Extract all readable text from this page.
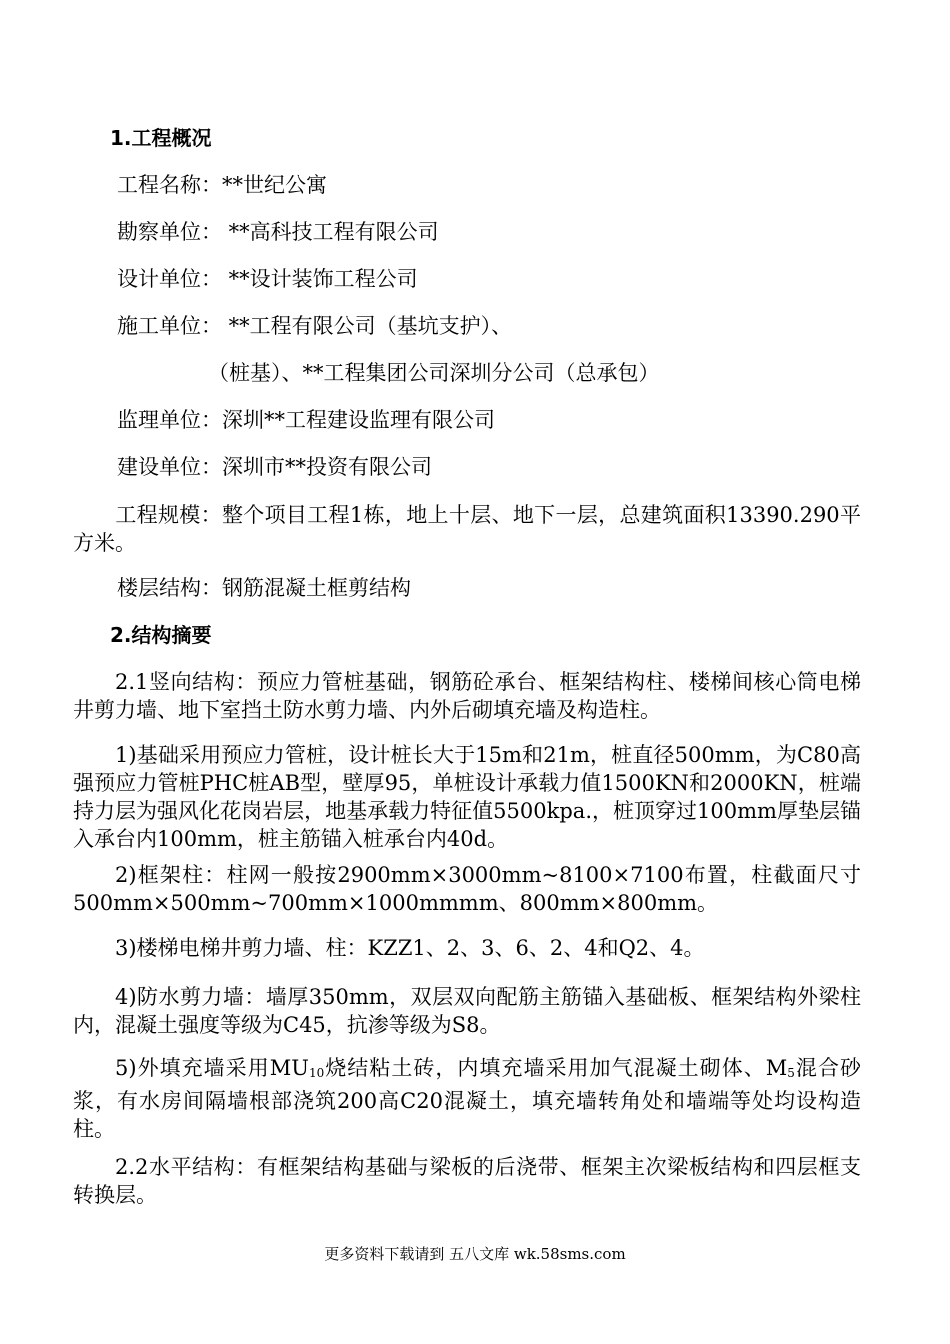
1.工程概况
工程名称：**世纪公寓
勘察单位： **高科技工程有限公司
设计单位： **设计装饰工程公司
施工单位： **工程有限公司（基坑支护）、
（桩基）、**工程集团公司深圳分公司（总承包）
监理单位：深圳**工程建设监理有限公司
建设单位：深圳市**投资有限公司
工程规模：整个项目工程1栋，地上十层、地下一层，总建筑面积13390.290平方米。
楼层结构：钢筋混凝土框剪结构
2.结构摘要
2.1竖向结构：预应力管桩基础，钢筋砼承台、框架结构柱、楼梯间核心筒电梯井剪力墙、地下室挡土防水剪力墙、内外后砌填充墙及构造柱。
1)基础采用预应力管桩，设计桩长大于15m和21m，桩直径500mm，为C80高强预应力管桩PHC桩AB型，壁厚95，单桩设计承载力值1500KN和2000KN，桩端持力层为强风化花岗岩层，地基承载力特征值5500kpa.，桩顶穿过100mm厚垫层锚入承台内100mm，桩主筋锚入桩承台内40d。
2)框架柱：柱网一般按2900mm×3000mm~8100×7100布置，柱截面尺寸500mm×500mm~700mm×1000mmmm、800mm×800mm。
3)楼梯电梯井剪力墙、柱：KZZ1、2、3、6、2、4和Q2、4。
4)防水剪力墙：墙厚350mm，双层双向配筋主筋锚入基础板、框架结构外梁柱内，混凝土强度等级为C45，抗渗等级为S8。
5)外填充墙采用$MU_{10}$烧结粘土砖，内填充墙采用加气混凝土砌体、$M_5$混合砂浆，有水房间隔墙根部浇筑200高C20混凝土，填充墙转角处和墙端等处均设构造柱。
2.2水平结构：有框架结构基础与梁板的后浇带、框架主次梁板结构和四层框支转换层。
更多资料下载请到 五八文库 wk.58sms.com
